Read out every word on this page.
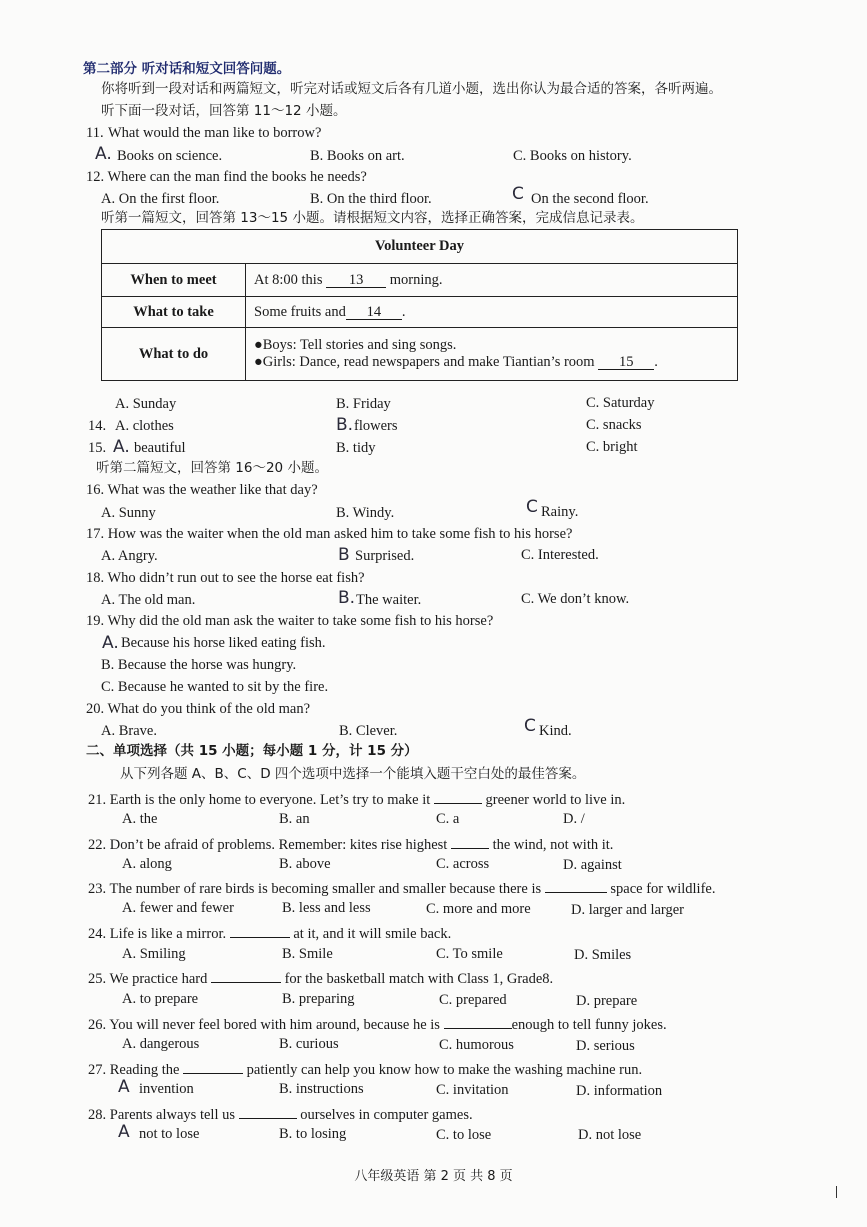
第二部分 听对话和短文回答问题。
你将听到一段对话和两篇短文，听完对话或短文后各有几道小题，选出你认为最合适的答案，各听两遍。
听下面一段对话，回答第 11～12 小题。
11. What would the man like to borrow?
A. Books on science.	B. Books on art.	C. Books on history.
12. Where can the man find the books he needs?
A. On the first floor.	B. On the third floor.	C On the second floor.
听第一篇短文，回答第 13～15 小题。请根据短文内容，选择正确答案，完成信息记录表。
Volunteer Day	
When to meet	At 8:00 this 13 morning.
What to take	Some fruits and 14 .
What to do	●Boys: Tell stories and sing songs.
●Girls: Dance, read newspapers and make Tiantian’s room 15 .
A. Sunday	B. Friday	C. Saturday
14. A. clothes	B. flowers	C. snacks
15. A. beautiful	B. tidy	C. bright
听第二篇短文，回答第 16～20 小题。
16. What was the weather like that day?
A. Sunny	B. Windy.	C Rainy.
17. How was the waiter when the old man asked him to take some fish to his horse?
A. Angry.	B Surprised.	C. Interested.
18. Who didn’t run out to see the horse eat fish?
A. The old man.	B. The waiter.	C. We don’t know.
19. Why did the old man ask the waiter to take some fish to his horse?
A. Because his horse liked eating fish.
B. Because the horse was hungry.
C. Because he wanted to sit by the fire.
20. What do you think of the old man?
A. Brave.	B. Clever.	C Kind.
二、单项选择（共 15 小题；每小题 1 分，计 15 分）
从下列各题 A、B、C、D 四个选项中选择一个能填入题干空白处的最佳答案。
21. Earth is the only home to everyone. Let’s try to make it	greener world to live in.
A. the	B. an	C. a	D. /
22. Don’t be afraid of problems. Remember: kites rise highest	the wind, not with it.
A. along	B. above	C. across	D. against
23. The number of rare birds is becoming smaller and smaller because there is	space for wildlife.
A. fewer and fewer	B. less and less	C. more and more	D. larger and larger
24. Life is like a mirror.	at it, and it will smile back.
A. Smiling	B. Smile	C. To smile	D. Smiles
25. We practice hard	for the basketball match with Class 1, Grade8.
A. to prepare	B. preparing	C. prepared	D. prepare
26. You will never feel bored with him around, because he is	enough to tell funny jokes.
A. dangerous	B. curious	C. humorous	D. serious
27. Reading the	patiently can help you know how to make the washing machine run.
A invention	B. instructions	C. invitation	D. information
28. Parents always tell us	ourselves in computer games.
A not to lose	B. to losing	C. to lose	D. not lose
八年级英语 第 2 页 共 8 页
